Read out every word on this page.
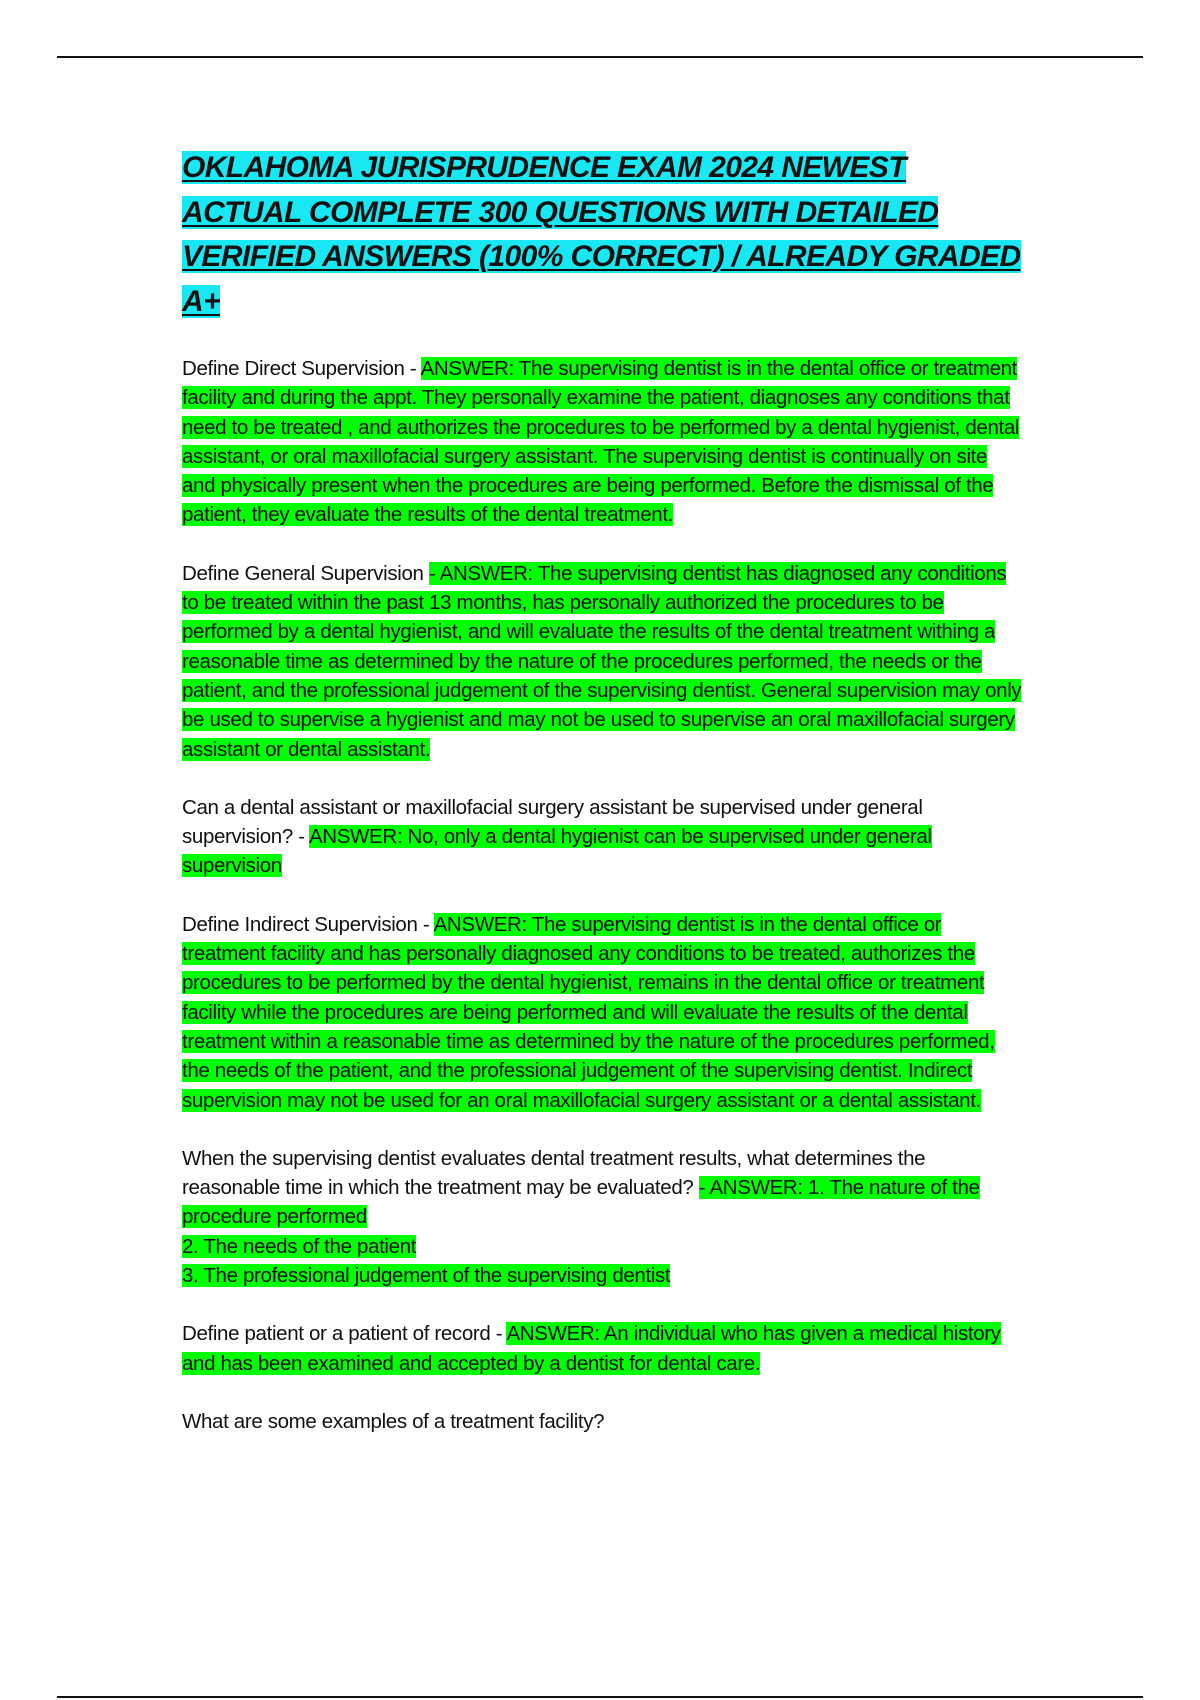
OKLAHOMA JURISPRUDENCE EXAM 2024 NEWEST ACTUAL COMPLETE 300 QUESTIONS WITH DETAILED VERIFIED ANSWERS (100% CORRECT) / ALREADY GRADED A+

Define Direct Supervision - ANSWER: The supervising dentist is in the dental office or treatment facility and during the appt. They personally examine the patient, diagnoses any conditions that need to be treated , and authorizes the procedures to be performed by a dental hygienist, dental assistant, or oral maxillofacial surgery assistant. The supervising dentist is continually on site and physically present when the procedures are being performed. Before the dismissal of the patient, they evaluate the results of the dental treatment.

Define General Supervision - ANSWER: The supervising dentist has diagnosed any conditions to be treated within the past 13 months, has personally authorized the procedures to be performed by a dental hygienist, and will evaluate the results of the dental treatment withing a reasonable time as determined by the nature of the procedures performed, the needs or the patient, and the professional judgement of the supervising dentist. General supervision may only be used to supervise a hygienist and may not be used to supervise an oral maxillofacial surgery assistant or dental assistant.

Can a dental assistant or maxillofacial surgery assistant be supervised under general supervision? - ANSWER: No, only a dental hygienist can be supervised under general supervision

Define Indirect Supervision - ANSWER: The supervising dentist is in the dental office or treatment facility and has personally diagnosed any conditions to be treated, authorizes the procedures to be performed by the dental hygienist, remains in the dental office or treatment facility while the procedures are being performed and will evaluate the results of the dental treatment within a reasonable time as determined by the nature of the procedures performed, the needs of the patient, and the professional judgement of the supervising dentist. Indirect supervision may not be used for an oral maxillofacial surgery assistant or a dental assistant.

When the supervising dentist evaluates dental treatment results, what determines the reasonable time in which the treatment may be evaluated? - ANSWER: 1. The nature of the procedure performed
2. The needs of the patient
3. The professional judgement of the supervising dentist

Define patient or a patient of record - ANSWER: An individual who has given a medical history and has been examined and accepted by a dentist for dental care.

What are some examples of a treatment facility?
